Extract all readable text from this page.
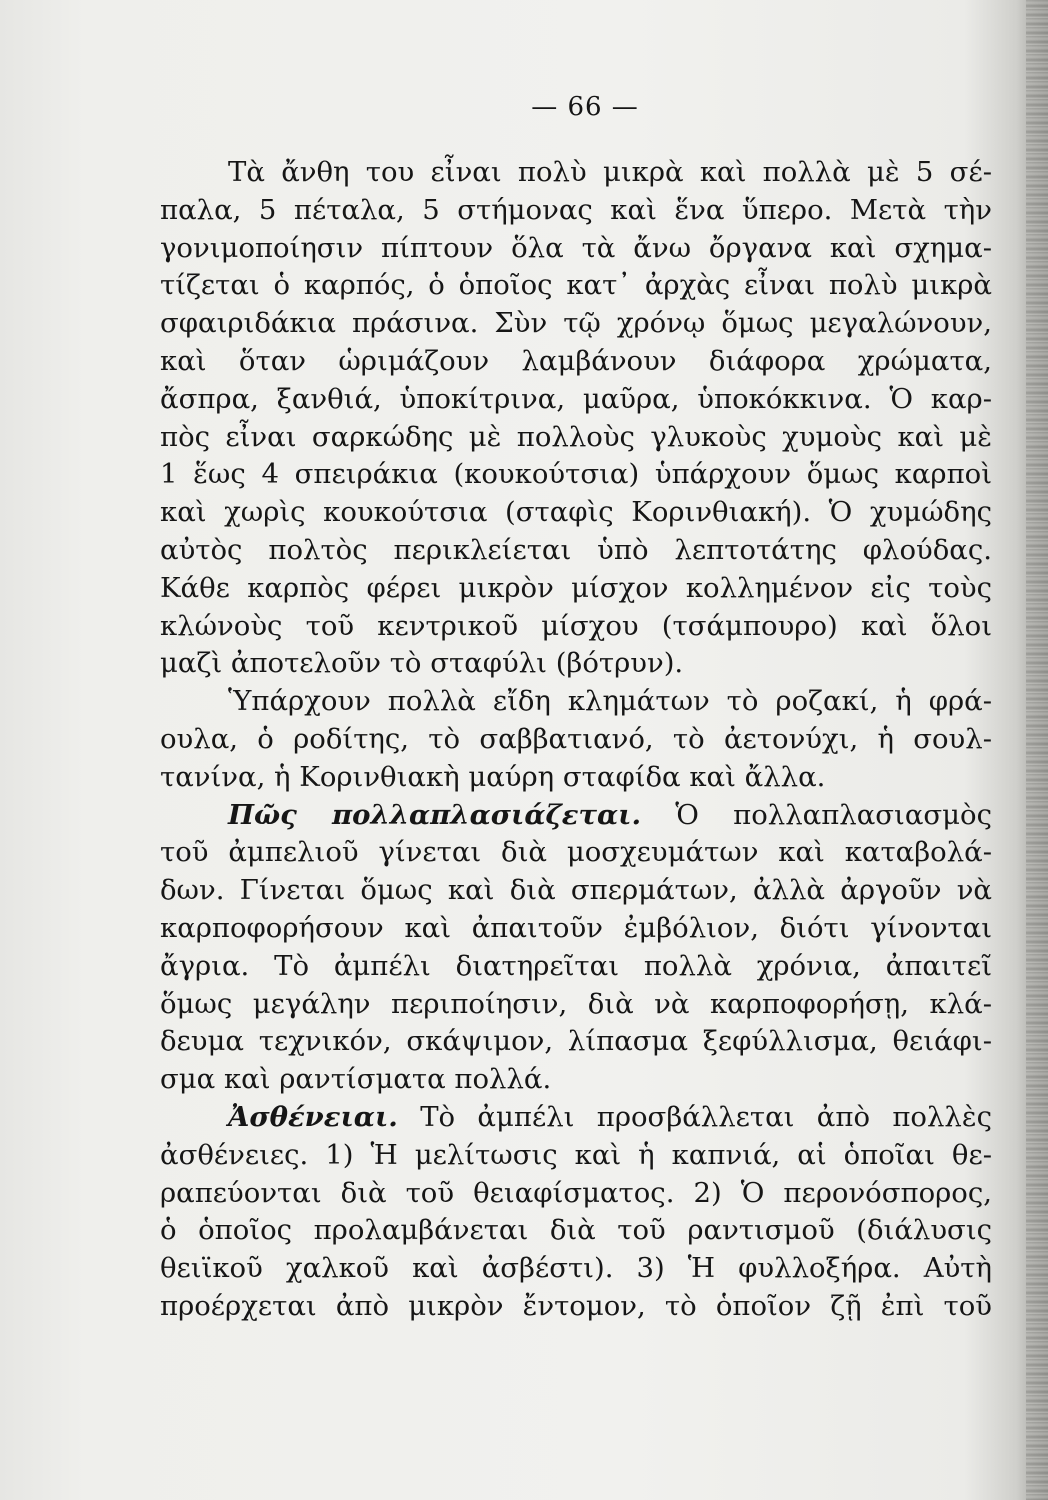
— 66 —
Τὰ ἄνθη του εἶναι πολὺ μικρὰ καὶ πολλὰ μὲ 5 σέ-
παλα, 5 πέταλα, 5 στήμονας καὶ ἕνα ὕπερο. Μετὰ τὴν
γονιμοποίησιν πίπτουν ὅλα τὰ ἄνω ὄργανα καὶ σχημα-
τίζεται ὁ καρπός, ὁ ὁποῖος κατ᾽ ἀρχὰς εἶναι πολὺ μικρὰ
σφαιριδάκια πράσινα. Σὺν τῷ χρόνῳ ὅμως μεγαλώνουν,
καὶ ὅταν ὡριμάζουν λαμβάνουν διάφορα χρώματα,
ἄσπρα, ξανθιά, ὑποκίτρινα, μαῦρα, ὑποκόκκινα. Ὁ καρ-
πὸς εἶναι σαρκώδης μὲ πολλοὺς γλυκοὺς χυμοὺς καὶ μὲ
1 ἕως 4 σπειράκια (κουκούτσια) ὑπάρχουν ὅμως καρποὶ
καὶ χωρὶς κουκούτσια (σταφὶς Κορινθιακή). Ὁ χυμώδης
αὐτὸς πολτὸς περικλείεται ὑπὸ λεπτοτάτης φλούδας.
Κάθε καρπὸς φέρει μικρὸν μίσχον κολλημένον εἰς τοὺς
κλώνοὺς τοῦ κεντρικοῦ μίσχου (τσάμπουρο) καὶ ὅλοι
μαζὶ ἀποτελοῦν τὸ σταφύλι (βότρυν).
Ὑπάρχουν πολλὰ εἴδη κλημάτων τὸ ροζακί, ἡ φρά-
ουλα, ὁ ροδίτης, τὸ σαββατιανό, τὸ ἀετονύχι, ἡ σουλ-
τανίνα, ἡ Κορινθιακὴ μαύρη σταφίδα καὶ ἄλλα.
Πῶς πολλαπλασιάζεται. Ὁ πολλαπλασιασμὸς
τοῦ ἀμπελιοῦ γίνεται διὰ μοσχευμάτων καὶ καταβολά-
δων. Γίνεται ὅμως καὶ διὰ σπερμάτων, ἀλλὰ ἀργοῦν νὰ
καρποφορήσουν καὶ ἀπαιτοῦν ἐμβόλιον, διότι γίνονται
ἄγρια. Τὸ ἀμπέλι διατηρεῖται πολλὰ χρόνια, ἀπαιτεῖ
ὅμως μεγάλην περιποίησιν, διὰ νὰ καρποφορήσῃ, κλά-
δευμα τεχνικόν, σκάψιμον, λίπασμα ξεφύλλισμα, θειάφι-
σμα καὶ ραντίσματα πολλά.
Ἀσθένειαι. Τὸ ἀμπέλι προσβάλλεται ἀπὸ πολλὲς
ἀσθένειες. 1) Ἡ μελίτωσις καὶ ἡ καπνιά, αἱ ὁποῖαι θε-
ραπεύονται διὰ τοῦ θειαφίσματος. 2) Ὁ περονόσπορος,
ὁ ὁποῖος προλαμβάνεται διὰ τοῦ ραντισμοῦ (διάλυσις
θειϊκοῦ χαλκοῦ καὶ ἀσβέστι). 3) Ἡ φυλλοξήρα. Αὐτὴ
προέρχεται ἀπὸ μικρὸν ἔντομον, τὸ ὁποῖον ζῇ ἐπὶ τοῦ
